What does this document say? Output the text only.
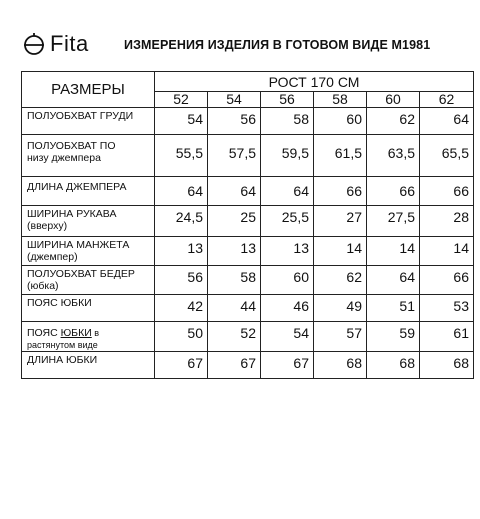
Fita	ИЗМЕРЕНИЯ ИЗДЕЛИЯ В ГОТОВОМ ВИДЕ М1981
РАЗМЕРЫ	РОСТ 170 СМ					
	52	54	56	58	60	62
ПОЛУОБХВАТ ГРУДИ	54	56	58	60	62	64
ПОЛУОБХВАТ ПО
низу джемпера	55,5	57,5	59,5	61,5	63,5	65,5
ДЛИНА ДЖЕМПЕРА	64	64	64	66	66	66
ШИРИНА РУКАВА
(вверху)	24,5	25	25,5	27	27,5	28
ШИРИНА МАНЖЕТА
(джемпер)	13	13	13	14	14	14
ПОЛУОБХВАТ БЕДЕР
(юбка)	56	58	60	62	64	66
ПОЯС ЮБКИ	42	44	46	49	51	53
ПОЯС ЮБКИ в
растянутом виде	50	52	54	57	59	61
ДЛИНА ЮБКИ	67	67	67	68	68	68
